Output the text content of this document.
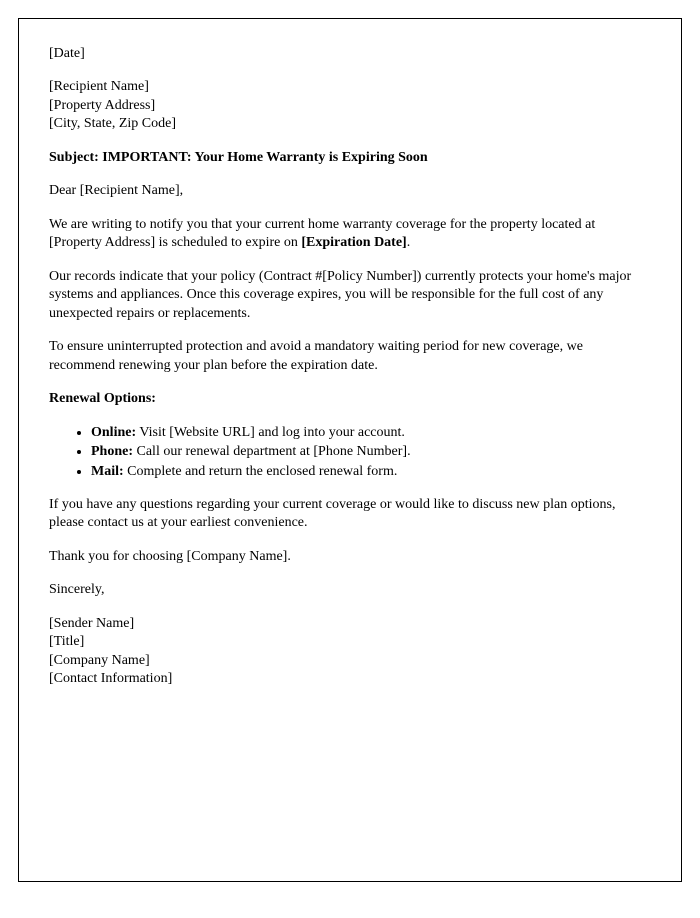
[Date]

[Recipient Name]

[Property Address]

[City, State, Zip Code]

Subject: IMPORTANT: Your Home Warranty is Expiring Soon

Dear [Recipient Name],

We are writing to notify you that your current home warranty coverage for the property located at [Property Address] is scheduled to expire on [Expiration Date].

Our records indicate that your policy (Contract #[Policy Number]) currently protects your home's major systems and appliances. Once this coverage expires, you will be responsible for the full cost of any unexpected repairs or replacements.

To ensure uninterrupted protection and avoid a mandatory waiting period for new coverage, we recommend renewing your plan before the expiration date.

Renewal Options:

• Online: Visit [Website URL] and log into your account.
• Phone: Call our renewal department at [Phone Number].
• Mail: Complete and return the enclosed renewal form.

If you have any questions regarding your current coverage or would like to discuss new plan options, please contact us at your earliest convenience.

Thank you for choosing [Company Name].

Sincerely,

[Sender Name]

[Title]

[Company Name]

[Contact Information]
